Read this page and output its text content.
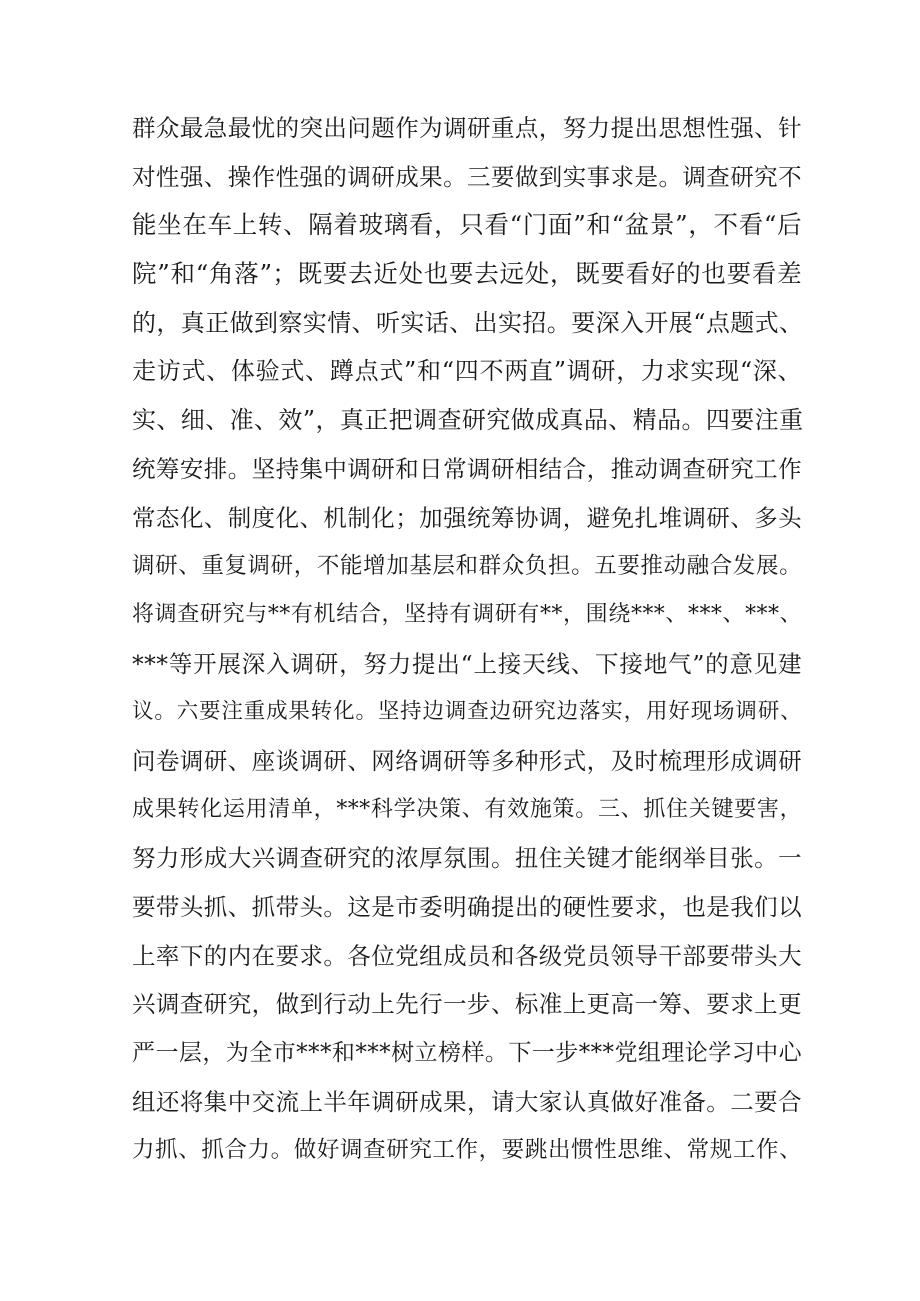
群众最急最忧的突出问题作为调研重点，努力提出思想性强、针
对性强、操作性强的调研成果。三要做到实事求是。调查研究不
能坐在车上转、隔着玻璃看，只看“门面”和“盆景”，不看“后
院”和“角落”；既要去近处也要去远处，既要看好的也要看差
的，真正做到察实情、听实话、出实招。要深入开展“点题式、
走访式、体验式、蹲点式”和“四不两直”调研，力求实现“深、
实、细、准、效”，真正把调查研究做成真品、精品。四要注重
统筹安排。坚持集中调研和日常调研相结合，推动调查研究工作
常态化、制度化、机制化；加强统筹协调，避免扎堆调研、多头
调研、重复调研，不能增加基层和群众负担。五要推动融合发展。
将调查研究与**有机结合，坚持有调研有**，围绕***、***、***、
***等开展深入调研，努力提出“上接天线、下接地气”的意见建
议。六要注重成果转化。坚持边调查边研究边落实，用好现场调研、
问卷调研、座谈调研、网络调研等多种形式，及时梳理形成调研
成果转化运用清单，***科学决策、有效施策。三、抓住关键要害，
努力形成大兴调查研究的浓厚氛围。扭住关键才能纲举目张。一
要带头抓、抓带头。这是市委明确提出的硬性要求，也是我们以
上率下的内在要求。各位党组成员和各级党员领导干部要带头大
兴调查研究，做到行动上先行一步、标准上更高一筹、要求上更
严一层，为全市***和***树立榜样。下一步***党组理论学习中心
组还将集中交流上半年调研成果，请大家认真做好准备。二要合
力抓、抓合力。做好调查研究工作，要跳出惯性思维、常规工作、
